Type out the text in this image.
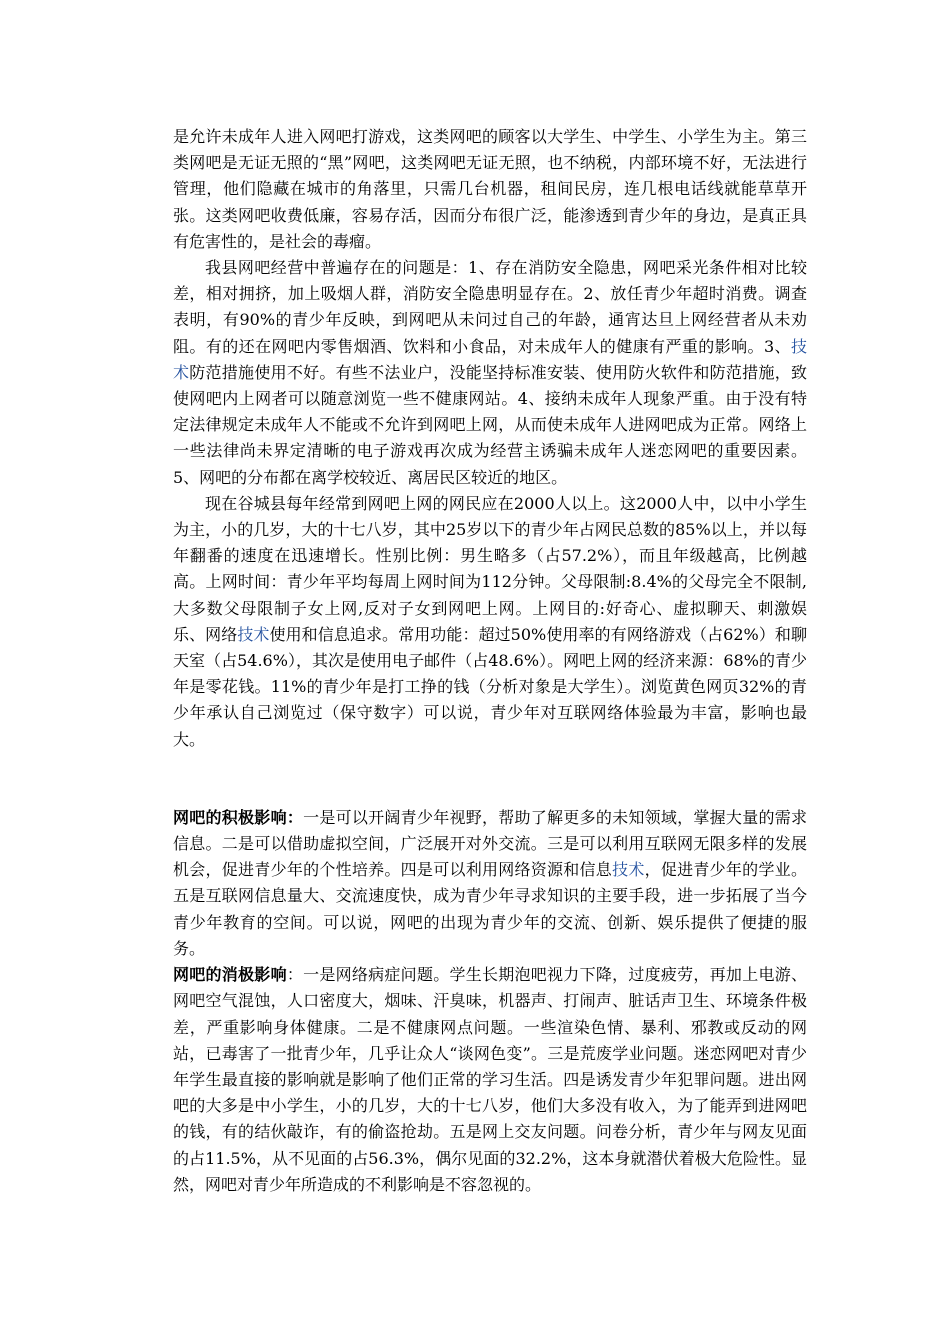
是允许未成年人进入网吧打游戏，这类网吧的顾客以大学生、中学生、小学生为主。第三类网吧是无证无照的“黑”网吧，这类网吧无证无照，也不纳税，内部环境不好，无法进行管理，他们隐藏在城市的角落里，只需几台机器，租间民房，连几根电话线就能草草开张。这类网吧收费低廉，容易存活，因而分布很广泛，能渗透到青少年的身边，是真正具有危害性的，是社会的毒瘤。

我县网吧经营中普遍存在的问题是：1、存在消防安全隐患，网吧采光条件相对比较差，相对拥挤，加上吸烟人群，消防安全隐患明显存在。2、放任青少年超时消费。调查表明，有90%的青少年反映，到网吧从未问过自己的年龄，通宵达旦上网经营者从未劝阻。有的还在网吧内零售烟酒、饮料和小食品，对未成年人的健康有严重的影响。3、技术防范措施使用不好。有些不法业户，没能坚持标准安装、使用防火软件和防范措施，致使网吧内上网者可以随意浏览一些不健康网站。4、接纳未成年人现象严重。由于没有特定法律规定未成年人不能或不允许到网吧上网，从而使未成年人进网吧成为正常。网络上一些法律尚未界定清晰的电子游戏再次成为经营主诱骗未成年人迷恋网吧的重要因素。5、网吧的分布都在离学校较近、离居民区较近的地区。

现在谷城县每年经常到网吧上网的网民应在2000人以上。这2000人中，以中小学生为主，小的几岁，大的十七八岁，其中25岁以下的青少年占网民总数的85%以上，并以每年翻番的速度在迅速增长。性别比例：男生略多（占57.2%），而且年级越高，比例越高。上网时间：青少年平均每周上网时间为112分钟。父母限制:8.4%的父母完全不限制,大多数父母限制子女上网,反对子女到网吧上网。上网目的:好奇心、虚拟聊天、刺激娱乐、网络技术使用和信息追求。常用功能：超过50%使用率的有网络游戏（占62%）和聊天室（占54.6%），其次是使用电子邮件（占48.6%）。网吧上网的经济来源：68%的青少年是零花钱。11%的青少年是打工挣的钱（分析对象是大学生）。浏览黄色网页32%的青少年承认自己浏览过（保守数字）可以说，青少年对互联网络体验最为丰富，影响也最大。

网吧的积极影响：一是可以开阔青少年视野，帮助了解更多的未知领域，掌握大量的需求信息。二是可以借助虚拟空间，广泛展开对外交流。三是可以利用互联网无限多样的发展机会，促进青少年的个性培养。四是可以利用网络资源和信息技术，促进青少年的学业。五是互联网信息量大、交流速度快，成为青少年寻求知识的主要手段，进一步拓展了当今青少年教育的空间。可以说，网吧的出现为青少年的交流、创新、娱乐提供了便捷的服务。

网吧的消极影响：一是网络病症问题。学生长期泡吧视力下降，过度疲劳，再加上电游、网吧空气混蚀，人口密度大，烟味、汗臭味，机器声、打闹声、脏话声卫生、环境条件极差，严重影响身体健康。二是不健康网点问题。一些渲染色情、暴利、邪教或反动的网站，已毒害了一批青少年，几乎让众人“谈网色变”。三是荒废学业问题。迷恋网吧对青少年学生最直接的影响就是影响了他们正常的学习生活。四是诱发青少年犯罪问题。进出网吧的大多是中小学生，小的几岁，大的十七八岁，他们大多没有收入，为了能弄到进网吧的钱，有的结伙敲诈，有的偷盗抢劫。五是网上交友问题。问卷分析，青少年与网友见面的占11.5%，从不见面的占56.3%，偶尔见面的32.2%，这本身就潜伏着极大危险性。显然，网吧对青少年所造成的不利影响是不容忽视的。
